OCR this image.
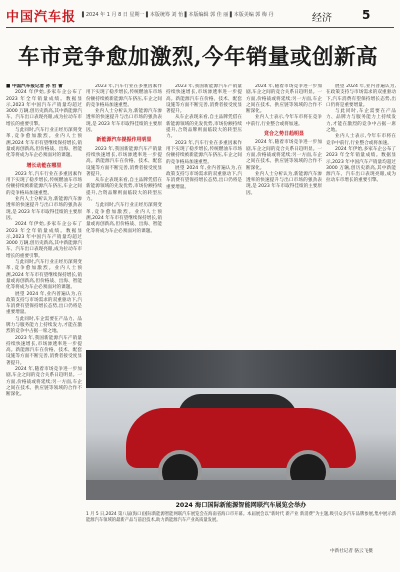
中国汽车报 ▌2024 年 1 月 8 日 星期一 ▌本版统筹 刘 怡 ▌本版编辑 郭 佳 丽 ▌本版美编 郭 梅 丹	经济	5
车市竞争愈加激烈,今年销量或创新高

■ 中国汽车报记者 孙 哲 蕾

2024 年伊始,多家车企公布了 2023 年全年销量成绩。数据显示,2023 年中国汽车产销量均超过 3000 万辆,创历史新高,其中新能源汽车、汽车出口表现亮眼,成为拉动车市增长的重要引擎。

与此同时,汽车行业正经历深刻变革,竞争愈加激烈。业内人士预测,2024 年车市有望继续保持增长,销量或再创新高,但价格战、出海、智能化等将成为车企必须面对的课题。

增长动能在哪里

2023 年,汽车行业在多重因素作用下实现了稳步增长,传统燃油车市场份额持续被新能源汽车挤压,车企之间的竞争格局加速重塑。

业内人士分析认为,新能源汽车渗透率的快速提升与出口市场的强劲表现,是 2023 年车市取得佳绩的主要原因。

2024 年伊始,多家车企公布了 2023 年全年销量成绩。数据显示,2023 年中国汽车产销量均超过 3000 万辆,创历史新高,其中新能源汽车、汽车出口表现亮眼,成为拉动车市增长的重要引擎。

与此同时,汽车行业正经历深刻变革,竞争愈加激烈。业内人士预测,2024 年车市有望继续保持增长,销量或再创新高,但价格战、出海、智能化等将成为车企必须面对的课题。

展望 2024 年,业内普遍认为,在政策支持与市场需求的双重驱动下,汽车消费有望保持增长态势,出口仍将是重要增量。

与此同时,车企需要在产品力、品牌力与服务能力上持续发力,才能在激烈的竞争中占据一席之地。

2023 年,我国新能源汽车产销量持续快速增长,市场渗透率进一步提高。新能源汽车在价格、技术、配套设施等方面不断完善,消费者接受度显著提升。

2024 年,随着市场竞争进一步加剧,车企之间的竞合关系日趋明显。一方面,价格战或将延续;另一方面,车企之间在技术、供应链等领域的合作不断深化。

2023 年,汽车行业在多重因素作用下实现了稳步增长,传统燃油车市场份额持续被新能源汽车挤压,车企之间的竞争格局加速重塑。

业内人士分析认为,新能源汽车渗透率的快速提升与出口市场的强劲表现,是 2023 年车市取得佳绩的主要原因。

新能源汽车提振作用明显

2023 年,我国新能源汽车产销量持续快速增长,市场渗透率进一步提高。新能源汽车在价格、技术、配套设施等方面不断完善,消费者接受度显著提升。

从车企表现来看,自主品牌凭借在新能源领域的先发优势,市场份额持续提升,合资品牌则面临较大的转型压力。

与此同时,汽车行业正经历深刻变革,竞争愈加激烈。业内人士预测,2024 年车市有望继续保持增长,销量或再创新高,但价格战、出海、智能化等将成为车企必须面对的课题。

2023 年,我国新能源汽车产销量持续快速增长,市场渗透率进一步提高。新能源汽车在价格、技术、配套设施等方面不断完善,消费者接受度显著提升。

从车企表现来看,自主品牌凭借在新能源领域的先发优势,市场份额持续提升,合资品牌则面临较大的转型压力。

2023 年,汽车行业在多重因素作用下实现了稳步增长,传统燃油车市场份额持续被新能源汽车挤压,车企之间的竞争格局加速重塑。

展望 2024 年,业内普遍认为,在政策支持与市场需求的双重驱动下,汽车消费有望保持增长态势,出口仍将是重要增量。

2024 年,随着市场竞争进一步加剧,车企之间的竞合关系日趋明显。一方面,价格战或将延续;另一方面,车企之间在技术、供应链等领域的合作不断深化。

业内人士表示,今年车市将在竞争中前行,行业整合或将加速。

竞合之势日趋明显

2024 年,随着市场竞争进一步加剧,车企之间的竞合关系日趋明显。一方面,价格战或将延续;另一方面,车企之间在技术、供应链等领域的合作不断深化。

业内人士分析认为,新能源汽车渗透率的快速提升与出口市场的强劲表现,是 2023 年车市取得佳绩的主要原因。

展望 2024 年,业内普遍认为,在政策支持与市场需求的双重驱动下,汽车消费有望保持增长态势,出口仍将是重要增量。

与此同时,车企需要在产品力、品牌力与服务能力上持续发力,才能在激烈的竞争中占据一席之地。

业内人士表示,今年车市将在竞争中前行,行业整合或将加速。

2024 年伊始,多家车企公布了 2023 年全年销量成绩。数据显示,2023 年中国汽车产销量均超过 3000 万辆,创历史新高,其中新能源汽车、汽车出口表现亮眼,成为拉动车市增长的重要引擎。

2024 海口国际新能源智能网联汽车展览会举办
1 月 5 日,2024 第八届(海口)国际新能源智能网联汽车展览会在海南省海口市开幕。本届展会以“新时代 新产业 新消费”为主题,吸引众多汽车品牌参展,集中展示新能源汽车领域的最新产品与前沿技术,助力新能源汽车产业高质量发展。
中新社记者 骆云飞摄
